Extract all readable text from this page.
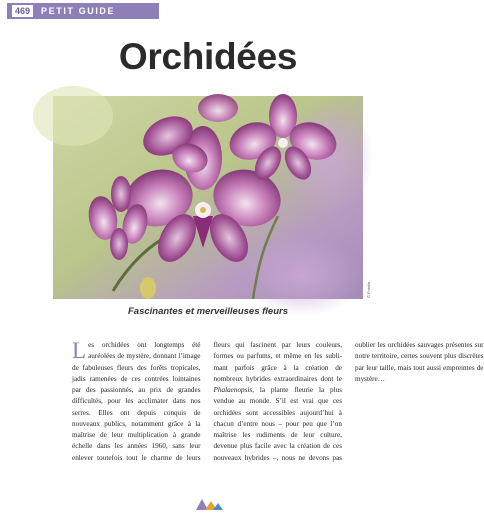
469	PETIT GUIDE
Orchidées
© Fotolia
Fascinantes et merveilleuses fleurs

Les orchidées ont longtemps été auréolées de mystère, donnant l’image de fabuleuses fleurs des forêts tropicales, jadis ramenées de ces contrées lointaines par des passionnés, au prix de grandes difficultés, pour les acclimater dans nos serres. Elles ont depuis conquis de nouveaux publics, notamment grâce à la maîtrise de leur multiplication à grande échelle dans les années 1960, sans leur enlever toutefois tout le charme de leurs fleurs qui fascinent par leurs couleurs, formes ou parfums, et même en les subli-mant parfois grâce à la création de nombreux hybrides extraordinaires dont le Phalaenopsis, la plante fleurie la plus vendue au monde. S’il est vrai que ces orchidées sont accessibles aujourd’hui à chacun d’entre nous – pour peu que l’on maîtrise les rudiments de leur culture, devenue plus facile avec la création de ces nouveaux hybrides –, nous ne devons pas oublier les orchidées sauvages présentes sur notre territoire, certes souvent plus discrètes par leur taille, mais tout aussi empreintes de mystère…
